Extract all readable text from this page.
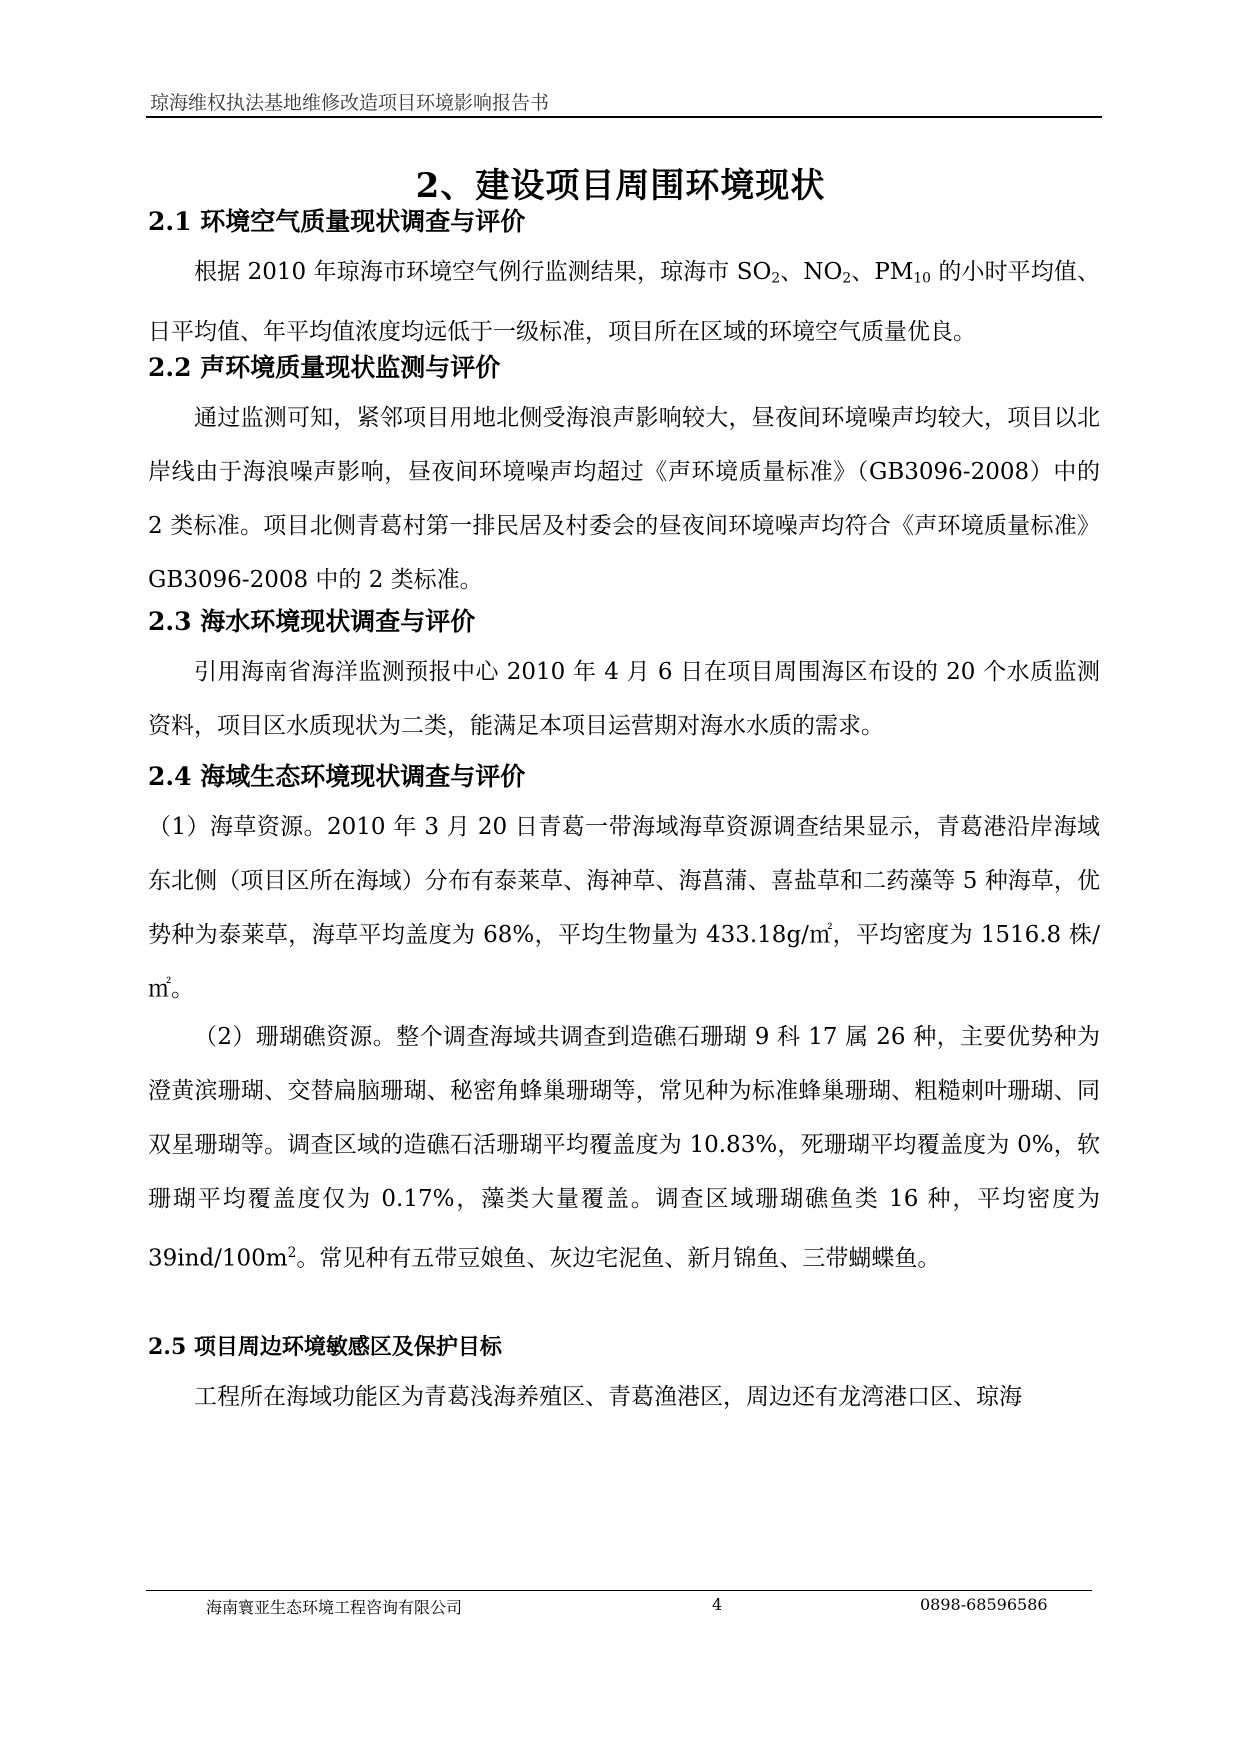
琼海维权执法基地维修改造项目环境影响报告书
2、建设项目周围环境现状
2.1 环境空气质量现状调查与评价

根据 2010 年琼海市环境空气例行监测结果，琼海市 $SO_2$、$NO_2$、$PM_{10}$ 的小时平均值、日平均值、年平均值浓度均远低于一级标准，项目所在区域的环境空气质量优良。

2.2 声环境质量现状监测与评价

通过监测可知，紧邻项目用地北侧受海浪声影响较大，昼夜间环境噪声均较大，项目以北岸线由于海浪噪声影响，昼夜间环境噪声均超过《声环境质量标准》（GB3096-2008）中的 2 类标准。项目北侧青葛村第一排民居及村委会的昼夜间环境噪声均符合《声环境质量标准》GB3096-2008 中的 2 类标准。

2.3 海水环境现状调查与评价

引用海南省海洋监测预报中心 2010 年 4 月 6 日在项目周围海区布设的 20 个水质监测资料，项目区水质现状为二类，能满足本项目运营期对海水水质的需求。

2.4 海域生态环境现状调查与评价

（1）海草资源。2010 年 3 月 20 日青葛一带海域海草资源调查结果显示，青葛港沿岸海域东北侧（项目区所在海域）分布有泰莱草、海神草、海菖蒲、喜盐草和二药藻等 5 种海草，优势种为泰莱草，海草平均盖度为 68%，平均生物量为 433.18g/㎡，平均密度为 1516.8 株/㎡。

（2）珊瑚礁资源。整个调查海域共调查到造礁石珊瑚 9 科 17 属 26 种，主要优势种为澄黄滨珊瑚、交替扁脑珊瑚、秘密角蜂巢珊瑚等，常见种为标准蜂巢珊瑚、粗糙刺叶珊瑚、同双星珊瑚等。调查区域的造礁石活珊瑚平均覆盖度为 10.83%，死珊瑚平均覆盖度为 0%，软珊瑚平均覆盖度仅为 0.17%，藻类大量覆盖。调查区域珊瑚礁鱼类 16 种，平均密度为 $39ind/100m^2$。常见种有五带豆娘鱼、灰边宅泥鱼、新月锦鱼、三带蝴蝶鱼。

2.5 项目周边环境敏感区及保护目标

工程所在海域功能区为青葛浅海养殖区、青葛渔港区，周边还有龙湾港口区、琼海

海南寰亚生态环境工程咨询有限公司	4	0898-68596586
